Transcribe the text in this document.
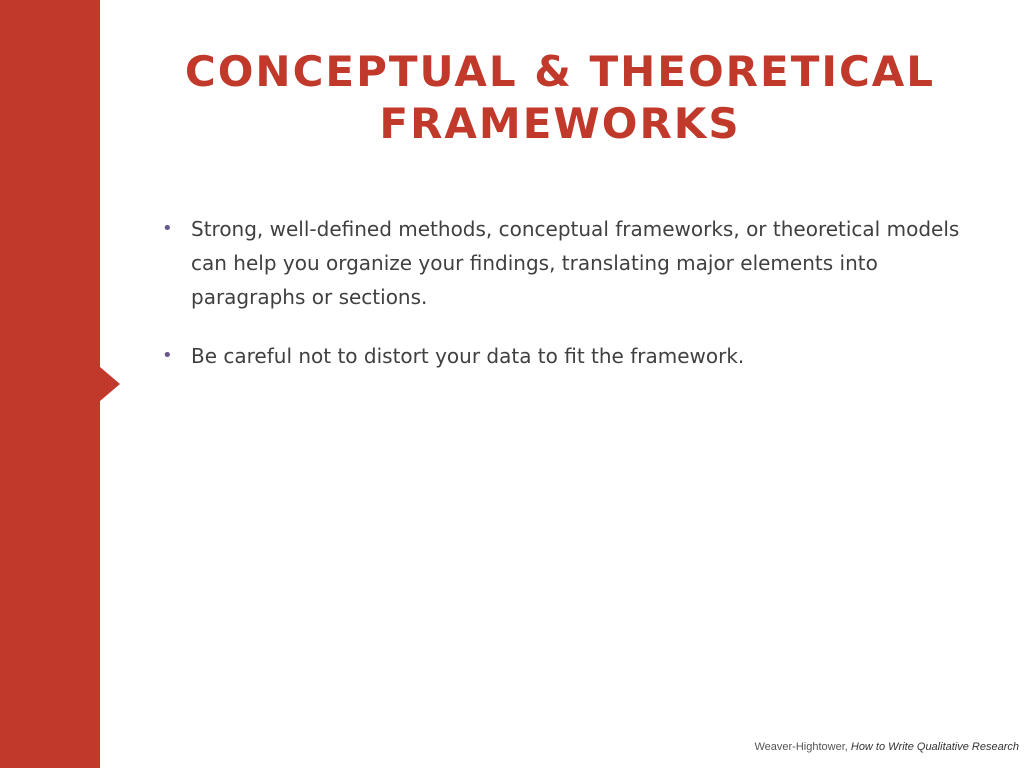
CONCEPTUAL & THEORETICAL FRAMEWORKS
• Strong, well-defined methods, conceptual frameworks, or theoretical models can help you organize your findings, translating major elements into paragraphs or sections.
• Be careful not to distort your data to fit the framework.
Weaver-Hightower, How to Write Qualitative Research
